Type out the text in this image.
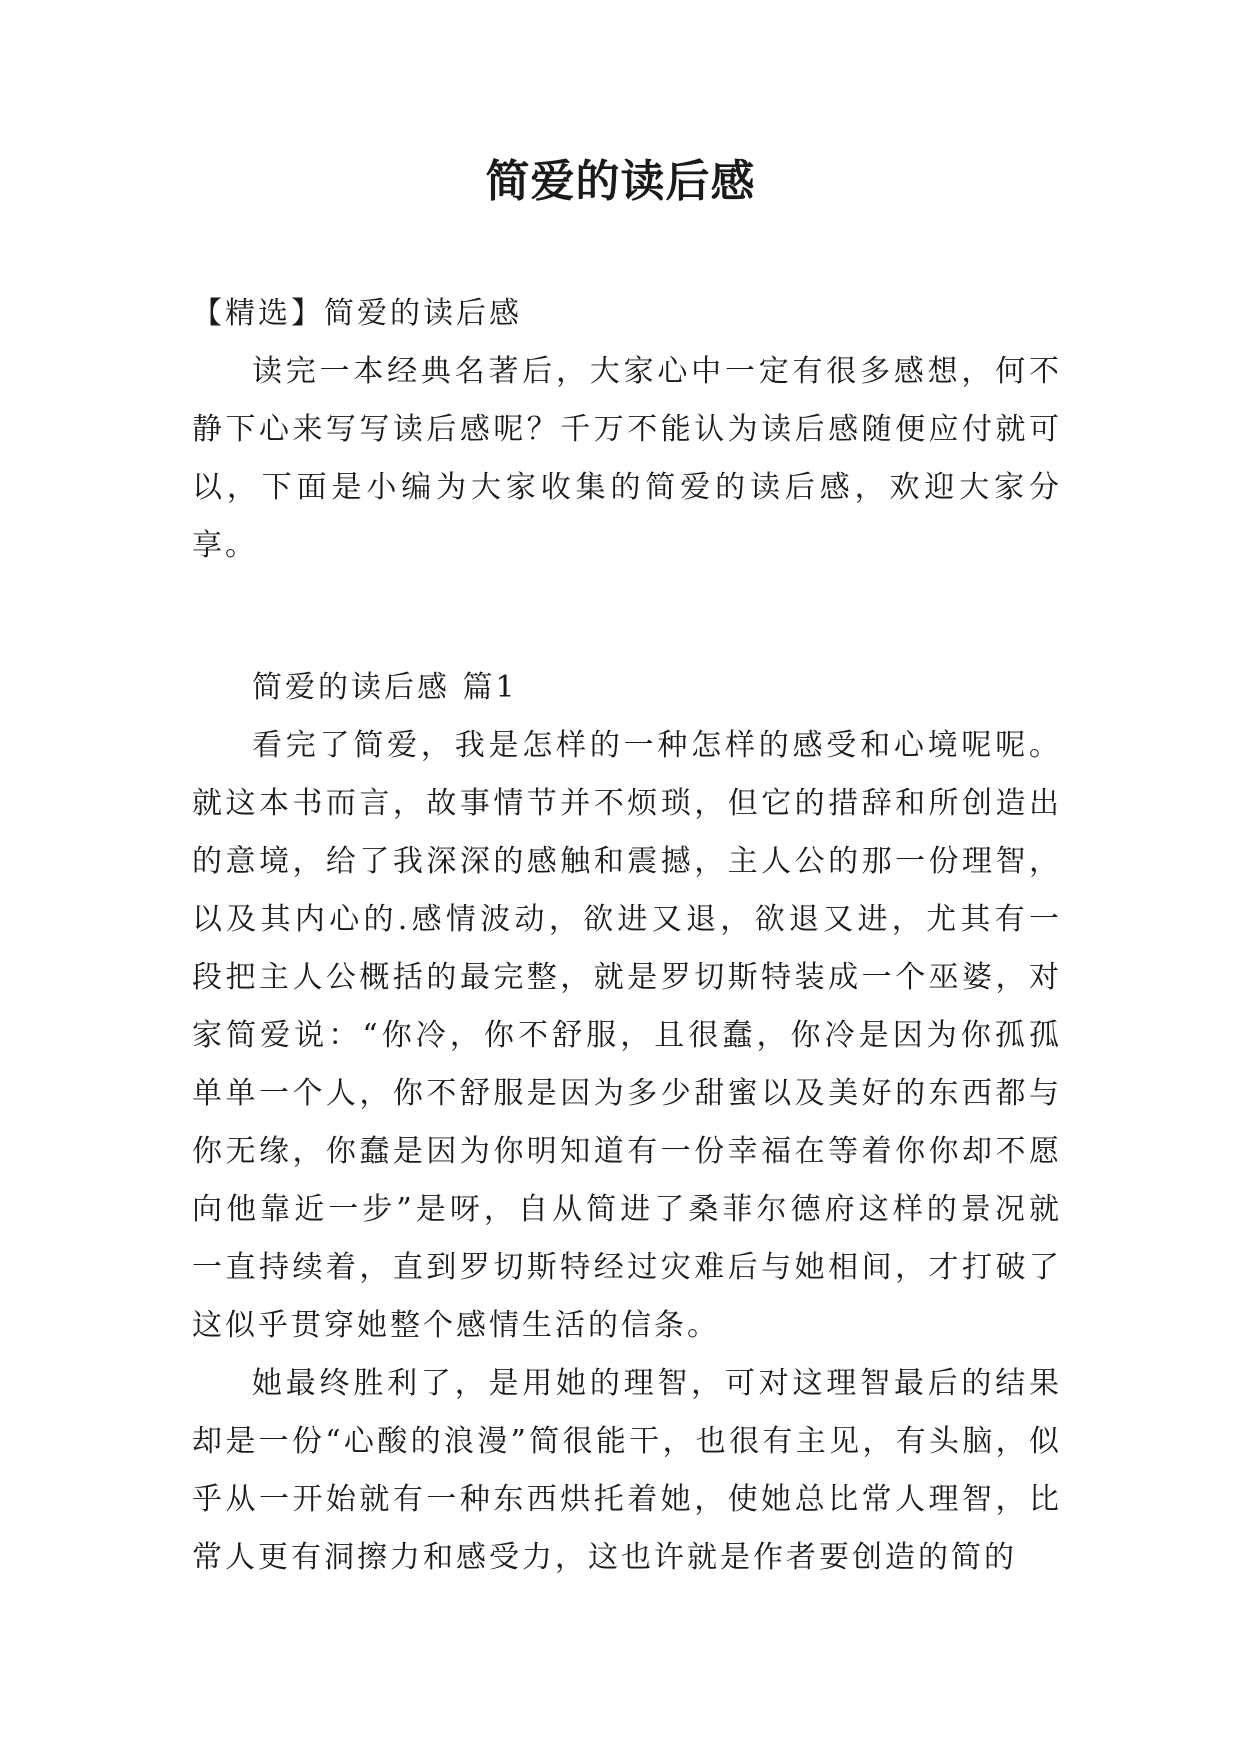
简爱的读后感

【精选】简爱的读后感

读完一本经典名著后，大家心中一定有很多感想，何不静下心来写写读后感呢？千万不能认为读后感随便应付就可以，下面是小编为大家收集的简爱的读后感，欢迎大家分享。

简爱的读后感 篇1

看完了简爱，我是怎样的一种怎样的感受和心境呢呢。就这本书而言，故事情节并不烦琐，但它的措辞和所创造出的意境，给了我深深的感触和震撼，主人公的那一份理智，以及其内心的.感情波动，欲进又退，欲退又进，尤其有一段把主人公概括的最完整，就是罗切斯特装成一个巫婆，对家简爱说：“你冷，你不舒服，且很蠢，你冷是因为你孤孤单单一个人，你不舒服是因为多少甜蜜以及美好的东西都与你无缘，你蠢是因为你明知道有一份幸福在等着你你却不愿向他靠近一步”是呀，自从简进了桑菲尔德府这样的景况就一直持续着，直到罗切斯特经过灾难后与她相间，才打破了这似乎贯穿她整个感情生活的信条。

她最终胜利了，是用她的理智，可对这理智最后的结果却是一份“心酸的浪漫”简很能干，也很有主见，有头脑，似乎从一开始就有一种东西烘托着她，使她总比常人理智，比常人更有洞擦力和感受力，这也许就是作者要创造的简的
